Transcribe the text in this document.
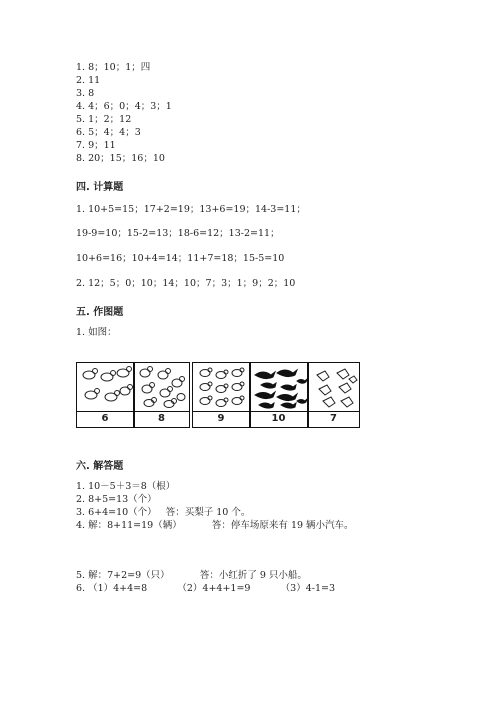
1. 8；10；1；四
2. 11
3. 8
4. 4；6；0；4；3；1
5. 1；2；12
6. 5；4；4；3
7. 9；11
8. 20；15；16；10
四. 计算题
1. 10+5=15；17+2=19；13+6=19；14-3=11；
19-9=10；15-2=13；18-6=12；13-2=11；
10+6=16；10+4=14；11+7=18；15-5=10
2. 12；5；0；10；14；10；7；3；1；9；2；10
五. 作图题
1. 如图：
6	8	9	10	7
六. 解答题
1. 10－5＋3＝8（根）
2. 8+5=13（个）
3. 6+4=10（个）   答：买梨子 10 个。
4. 解：8+11=19（辆）          答：停车场原来有 19 辆小汽车。
5. 解：7+2=9（只）          答：小红折了 9 只小船。
6. （1）4+4=8          （2）4+4+1=9          （3）4-1=3
